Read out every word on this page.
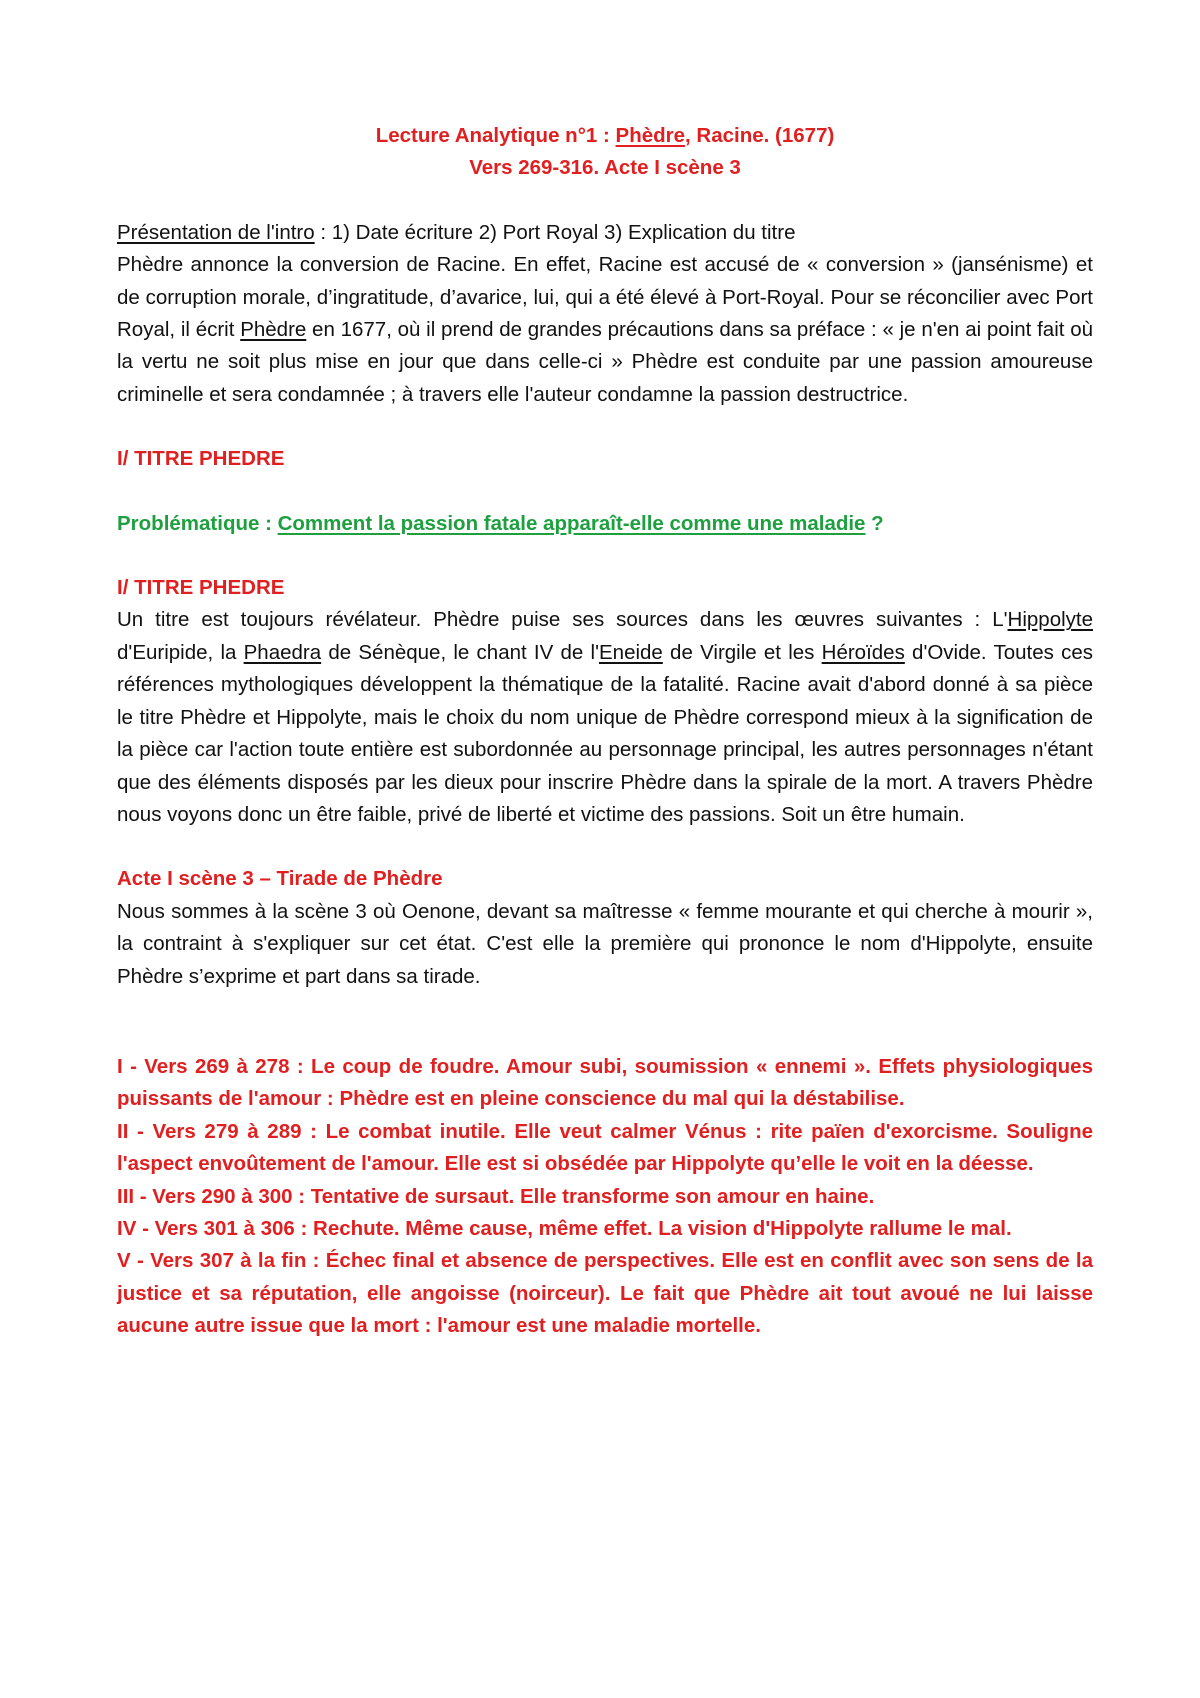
Lecture Analytique n°1 : Phèdre, Racine. (1677)

Vers 269-316. Acte I scène 3

Présentation de l'intro : 1) Date écriture 2) Port Royal 3) Explication du titre

Phèdre annonce la conversion de Racine. En effet, Racine est accusé de « conversion » (jansénisme) et de corruption morale, d’ingratitude, d’avarice, lui, qui a été élevé à Port-Royal. Pour se réconcilier avec Port Royal, il écrit Phèdre en 1677, où il prend de grandes précautions dans sa préface : « je n'en ai point fait où la vertu ne soit plus mise en jour que dans celle-ci » Phèdre est conduite par une passion amoureuse criminelle et sera condamnée ; à travers elle l'auteur condamne la passion destructrice.

I/ TITRE PHEDRE

Problématique : Comment la passion fatale apparaît-elle comme une maladie ?

I/ TITRE PHEDRE

Un titre est toujours révélateur. Phèdre puise ses sources dans les œuvres suivantes : L'Hippolyte d'Euripide, la Phaedra de Sénèque, le chant IV de l'Eneide de Virgile et les Héroïdes d'Ovide. Toutes ces références mythologiques développent la thématique de la fatalité. Racine avait d'abord donné à sa pièce le titre Phèdre et Hippolyte, mais le choix du nom unique de Phèdre correspond mieux à la signification de la pièce car l'action toute entière est subordonnée au personnage principal, les autres personnages n'étant que des éléments disposés par les dieux pour inscrire Phèdre dans la spirale de la mort. A travers Phèdre nous voyons donc un être faible, privé de liberté et victime des passions. Soit un être humain.

Acte I scène 3 – Tirade de Phèdre

Nous sommes à la scène 3 où Oenone, devant sa maîtresse « femme mourante et qui cherche à mourir », la contraint à s'expliquer sur cet état. C'est elle la première qui prononce le nom d'Hippolyte, ensuite Phèdre s’exprime et part dans sa tirade.

I - Vers 269 à 278 : Le coup de foudre. Amour subi, soumission « ennemi ». Effets physiologiques puissants de l'amour : Phèdre est en pleine conscience du mal qui la déstabilise.

II - Vers 279 à 289 : Le combat inutile. Elle veut calmer Vénus : rite païen d'exorcisme. Souligne l'aspect envoûtement de l'amour. Elle est si obsédée par Hippolyte qu’elle le voit en la déesse.

III - Vers 290 à 300 : Tentative de sursaut. Elle transforme son amour en haine.

IV - Vers 301 à 306 : Rechute. Même cause, même effet. La vision d'Hippolyte rallume le mal.

V - Vers 307 à la fin : Échec final et absence de perspectives. Elle est en conflit avec son sens de la justice et sa réputation, elle angoisse (noirceur). Le fait que Phèdre ait tout avoué ne lui laisse aucune autre issue que la mort : l'amour est une maladie mortelle.
